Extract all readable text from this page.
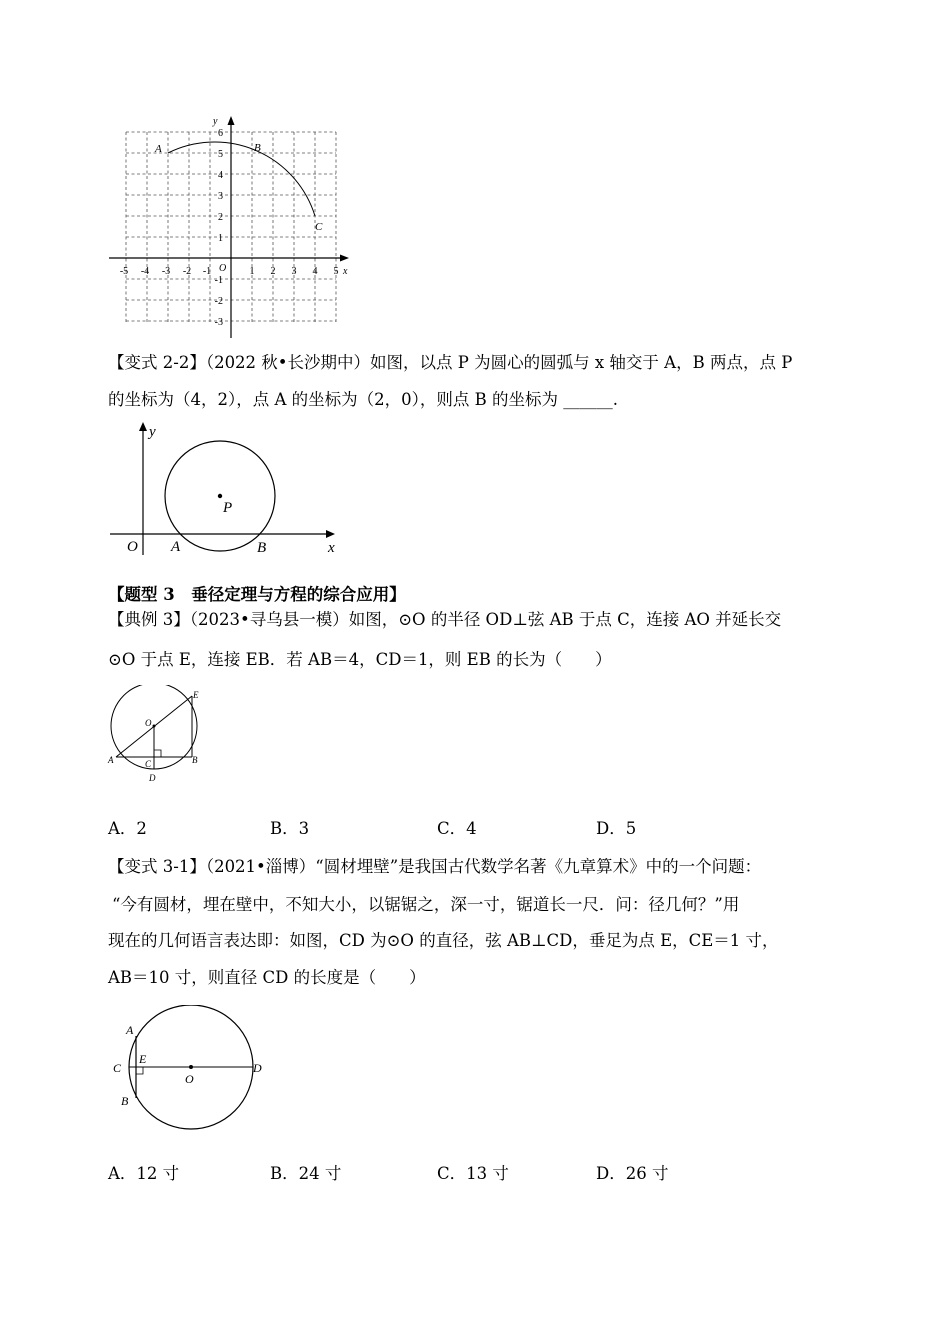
y
x
O
-5 -4 -3 -2 -1	1 2 3 4 5
6
5
4
3
2
1
-1
-2
-3
A	B
C
【变式 2-2】（2022 秋•长沙期中）如图，以点 P 为圆心的圆弧与 x 轴交于 A，B 两点，点 P
的坐标为（4，2），点 A 的坐标为（2，0），则点 B 的坐标为 ______.
y
x
O
P
A	B
【题型 3　垂径定理与方程的综合应用】
【典例 3】（2023•寻乌县一模）如图，⊙O 的半径 OD⊥弦 AB 于点 C，连接 AO 并延长交
⊙O 于点 E，连接 EB．若 AB＝4，CD＝1，则 EB 的长为（　　）
E
O
A	C	B
D
A．2	B．3	C．4	D．5
【变式 3-1】（2021•淄博）“圆材埋壁”是我国古代数学名著《九章算术》中的一个问题：
“今有圆材，埋在壁中，不知大小，以锯锯之，深一寸，锯道长一尺．问：径几何？”用
现在的几何语言表达即：如图，CD 为⊙O 的直径，弦 AB⊥CD，垂足为点 E，CE＝1 寸，
AB＝10 寸，则直径 CD 的长度是（　　）
A
C
E
O
D
B
A．12 寸	B．24 寸	C．13 寸	D．26 寸
